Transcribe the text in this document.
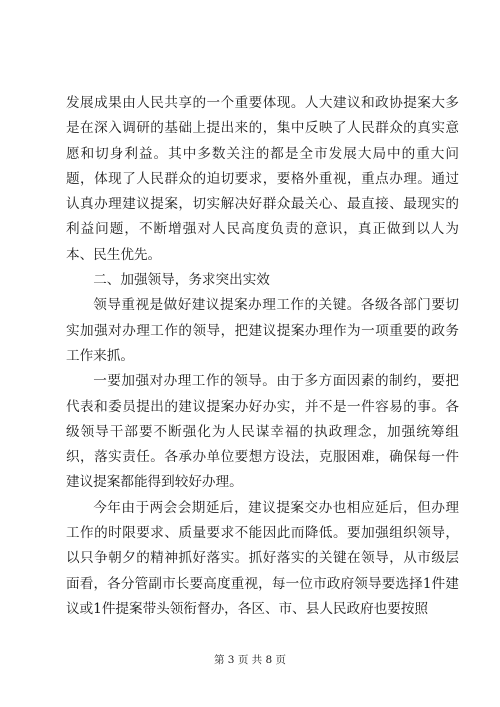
发展成果由人民共享的一个重要体现。人大建议和政协提案大多是在深入调研的基础上提出来的，集中反映了人民群众的真实意愿和切身利益。其中多数关注的都是全市发展大局中的重大问题，体现了人民群众的迫切要求，要格外重视，重点办理。通过认真办理建议提案，切实解决好群众最关心、最直接、最现实的利益问题，不断增强对人民高度负责的意识，真正做到以人为本、民生优先。

二、加强领导，务求突出实效

领导重视是做好建议提案办理工作的关键。各级各部门要切实加强对办理工作的领导，把建议提案办理作为一项重要的政务工作来抓。

一要加强对办理工作的领导。由于多方面因素的制约，要把代表和委员提出的建议提案办好办实，并不是一件容易的事。各级领导干部要不断强化为人民谋幸福的执政理念，加强统筹组织，落实责任。各承办单位要想方设法，克服困难，确保每一件建议提案都能得到较好办理。

今年由于两会会期延后，建议提案交办也相应延后，但办理工作的时限要求、质量要求不能因此而降低。要加强组织领导，以只争朝夕的精神抓好落实。抓好落实的关键在领导，从市级层面看，各分管副市长要高度重视，每一位市政府领导要选择1件建议或1件提案带头领衔督办，各区、市、县人民政府也要按照

第 3 页 共 8 页
